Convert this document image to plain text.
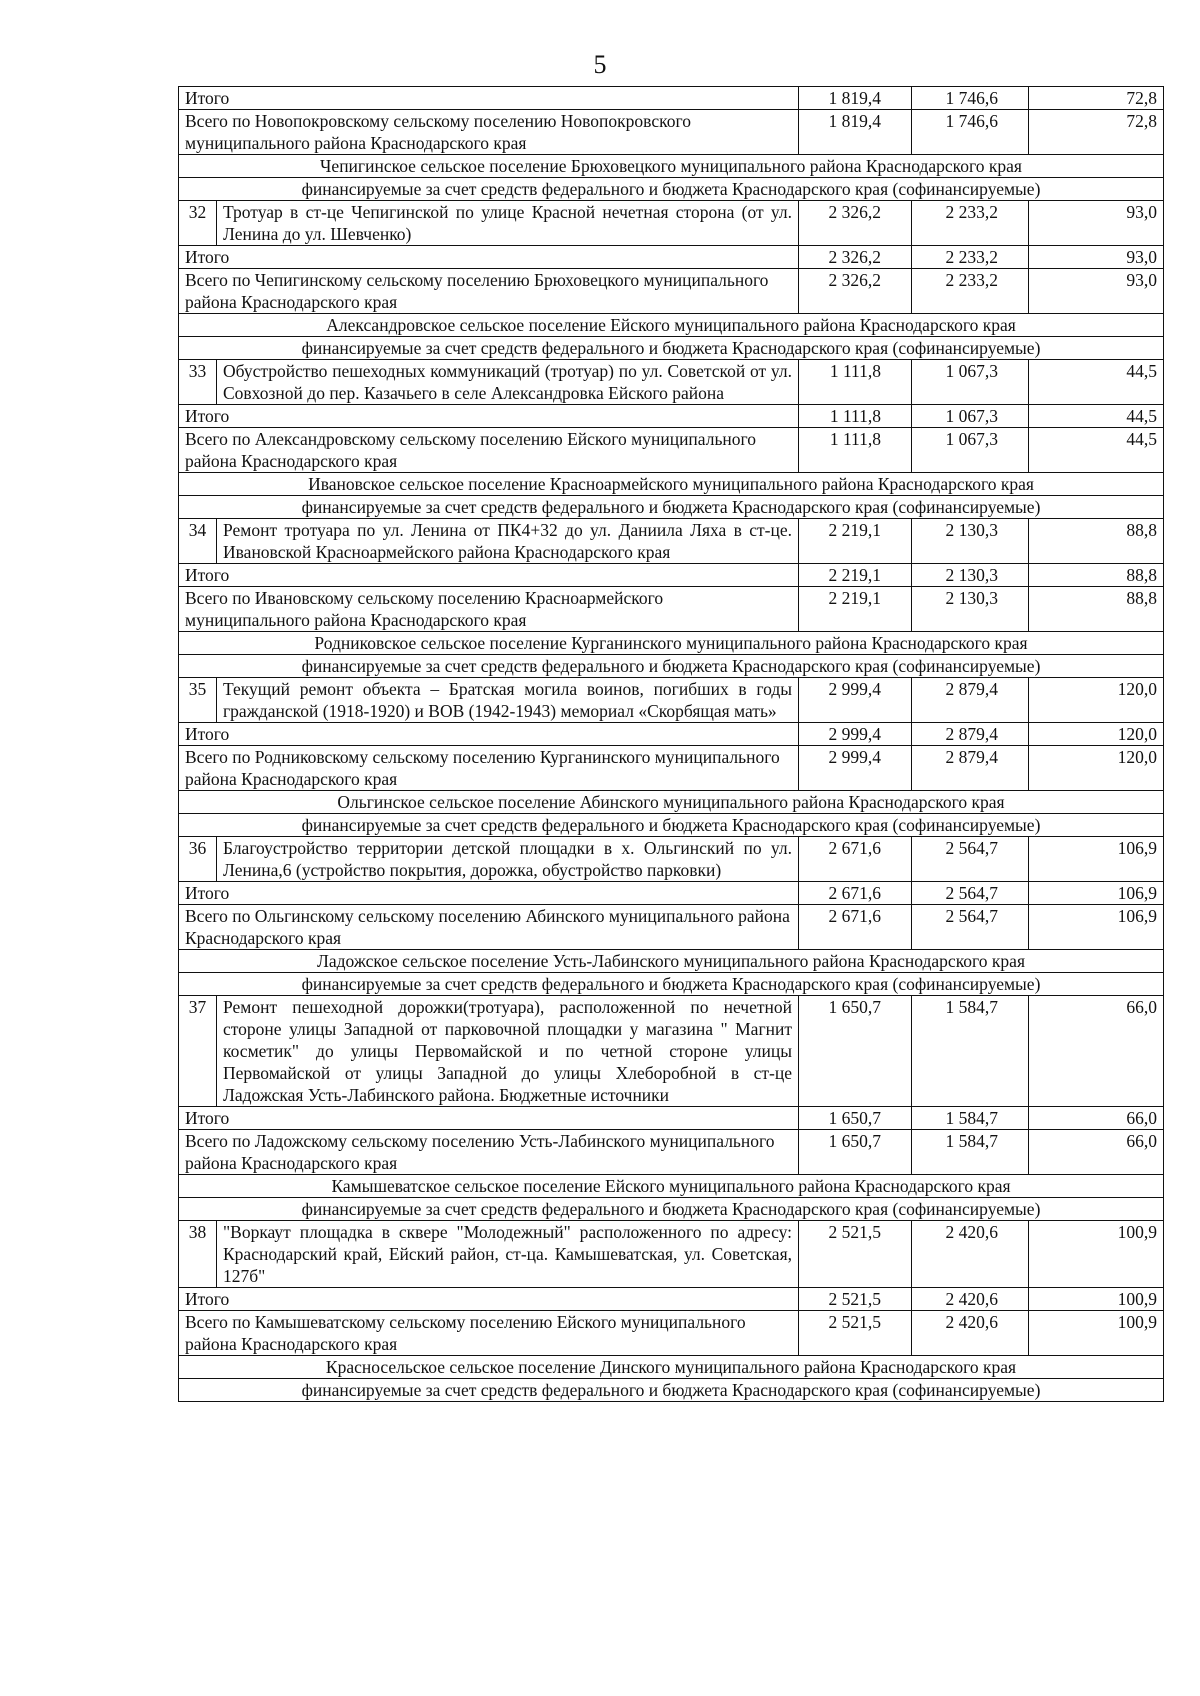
5
Итого		1 819,4	1 746,6	72,8
Всего по Новопокровскому сельскому поселению Новопокровского муниципального района Краснодарского края		1 819,4	1 746,6	72,8
Чепигинское сельское поселение Брюховецкого муниципального района Краснодарского края				
финансируемые за счет средств федерального и бюджета Краснодарского края (софинансируемые)				
32	Тротуар в ст-це Чепигинской по улице Красной нечетная сторона (от ул. Ленина до ул. Шевченко)	2 326,2	2 233,2	93,0
Итого		2 326,2	2 233,2	93,0
Всего по Чепигинскому сельскому поселению Брюховецкого муниципального района Краснодарского края		2 326,2	2 233,2	93,0
Александровское сельское поселение Ейского муниципального района Краснодарского края				
финансируемые за счет средств федерального и бюджета Краснодарского края (софинансируемые)				
33	Обустройство пешеходных коммуникаций (тротуар) по ул. Советской от ул. Совхозной до пер. Казачьего в селе Александровка Ейского района	1 111,8	1 067,3	44,5
Итого		1 111,8	1 067,3	44,5
Всего по Александровскому сельскому поселению Ейского муниципального района Краснодарского края		1 111,8	1 067,3	44,5
Ивановское сельское поселение Красноармейского муниципального района Краснодарского края				
финансируемые за счет средств федерального и бюджета Краснодарского края (софинансируемые)				
34	Ремонт тротуара по ул. Ленина от ПК4+32 до ул. Даниила Ляха в ст-це. Ивановской Красноармейского района Краснодарского края	2 219,1	2 130,3	88,8
Итого		2 219,1	2 130,3	88,8
Всего по Ивановскому сельскому поселению Красноармейского муниципального района Краснодарского края		2 219,1	2 130,3	88,8
Родниковское сельское поселение Курганинского муниципального района Краснодарского края				
финансируемые за счет средств федерального и бюджета Краснодарского края (софинансируемые)				
35	Текущий ремонт объекта – Братская могила воинов, погибших в годы гражданской (1918-1920) и ВОВ (1942-1943) мемориал «Скорбящая мать»	2 999,4	2 879,4	120,0
Итого		2 999,4	2 879,4	120,0
Всего по Родниковскому сельскому поселению Курганинского муниципального района Краснодарского края		2 999,4	2 879,4	120,0
Ольгинское сельское поселение Абинского муниципального района Краснодарского края				
финансируемые за счет средств федерального и бюджета Краснодарского края (софинансируемые)				
36	Благоустройство территории детской площадки в х. Ольгинский по ул. Ленина,6 (устройство покрытия, дорожка, обустройство парковки)	2 671,6	2 564,7	106,9
Итого		2 671,6	2 564,7	106,9
Всего по Ольгинскому сельскому поселению Абинского муниципального района Краснодарского края		2 671,6	2 564,7	106,9
Ладожское сельское поселение Усть-Лабинского муниципального района Краснодарского края				
финансируемые за счет средств федерального и бюджета Краснодарского края (софинансируемые)				
37	Ремонт пешеходной дорожки(тротуара), расположенной по нечетной стороне улицы Западной от парковочной площадки у магазина " Магнит косметик" до улицы Первомайской и по четной стороне улицы Первомайской от улицы Западной до улицы Хлеборобной в ст-це Ладожская Усть-Лабинского района. Бюджетные источники	1 650,7	1 584,7	66,0
Итого		1 650,7	1 584,7	66,0
Всего по Ладожскому сельскому поселению Усть-Лабинского муниципального района Краснодарского края		1 650,7	1 584,7	66,0
Камышеватское сельское поселение Ейского муниципального района Краснодарского края				
финансируемые за счет средств федерального и бюджета Краснодарского края (софинансируемые)				
38	"Воркаут площадка в сквере "Молодежный" расположенного по адресу: Краснодарский край, Ейский район, ст-ца. Камышеватская, ул. Советская, 127б"	2 521,5	2 420,6	100,9
Итого		2 521,5	2 420,6	100,9
Всего по Камышеватскому сельскому поселению Ейского муниципального района Краснодарского края		2 521,5	2 420,6	100,9
Красносельское сельское поселение Динского муниципального района Краснодарского края				
финансируемые за счет средств федерального и бюджета Краснодарского края (софинансируемые)				
